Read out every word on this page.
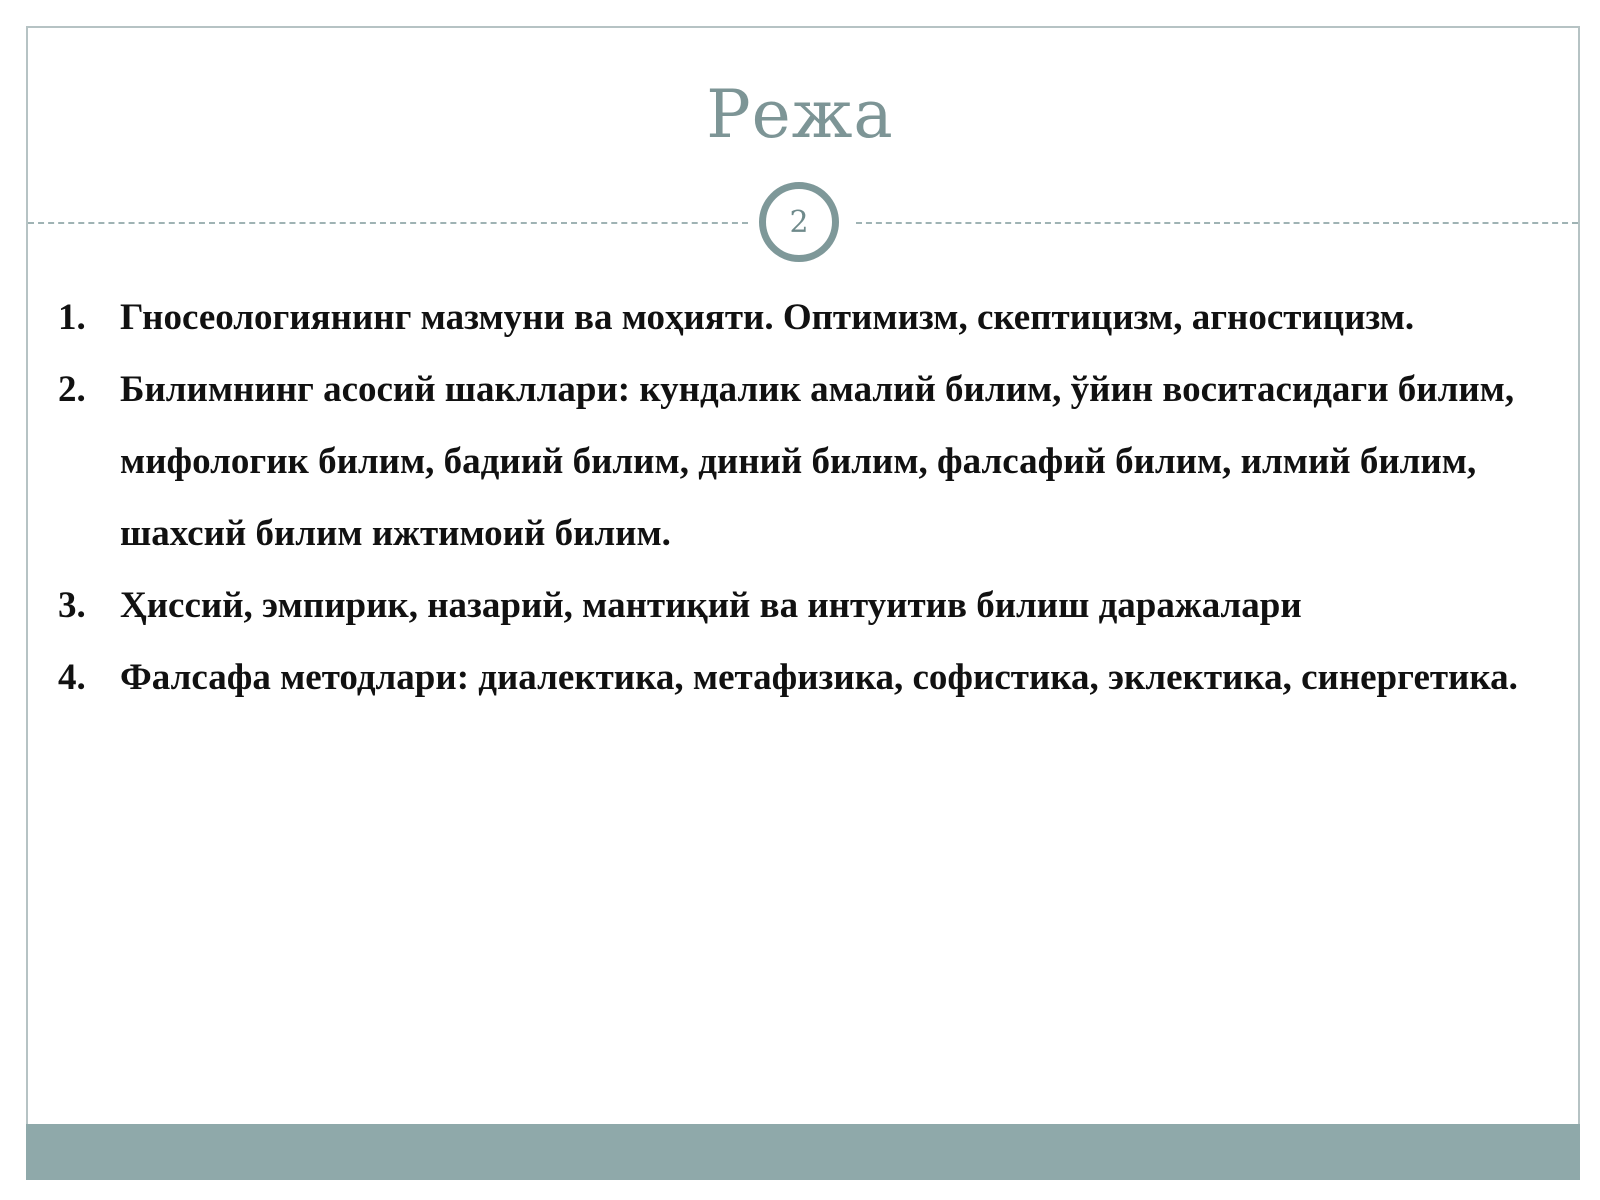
Режа
2
1. Гносеологиянинг мазмуни ва моҳияти. Оптимизм, скептицизм, агностицизм.
2. Билимнинг асосий шакллари: кундалик амалий билим, ўйин воситасидаги билим, мифологик билим, бадиий билим, диний билим, фалсафий билим, илмий билим, шахсий билим ижтимоий билим.
3. Ҳиссий, эмпирик, назарий, мантиқий ва интуитив билиш даражалари
4. Фалсафа методлари: диалектика, метафизика, софистика, эклектика, синергетика.
